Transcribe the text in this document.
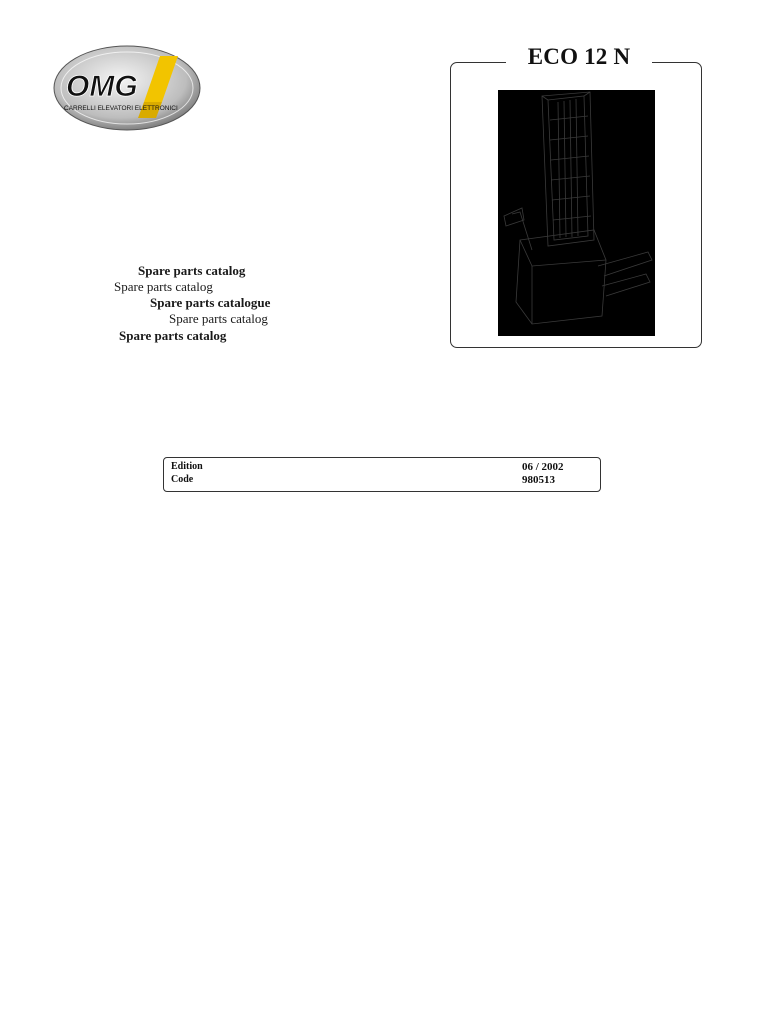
OMG
CARRELLI ELEVATORI ELETTRONICI
ECO 12 N
Spare parts catalog
Spare parts catalog
Spare parts catalogue
Spare parts catalog
Spare parts catalog
Edition	06 / 2002
Code	980513
